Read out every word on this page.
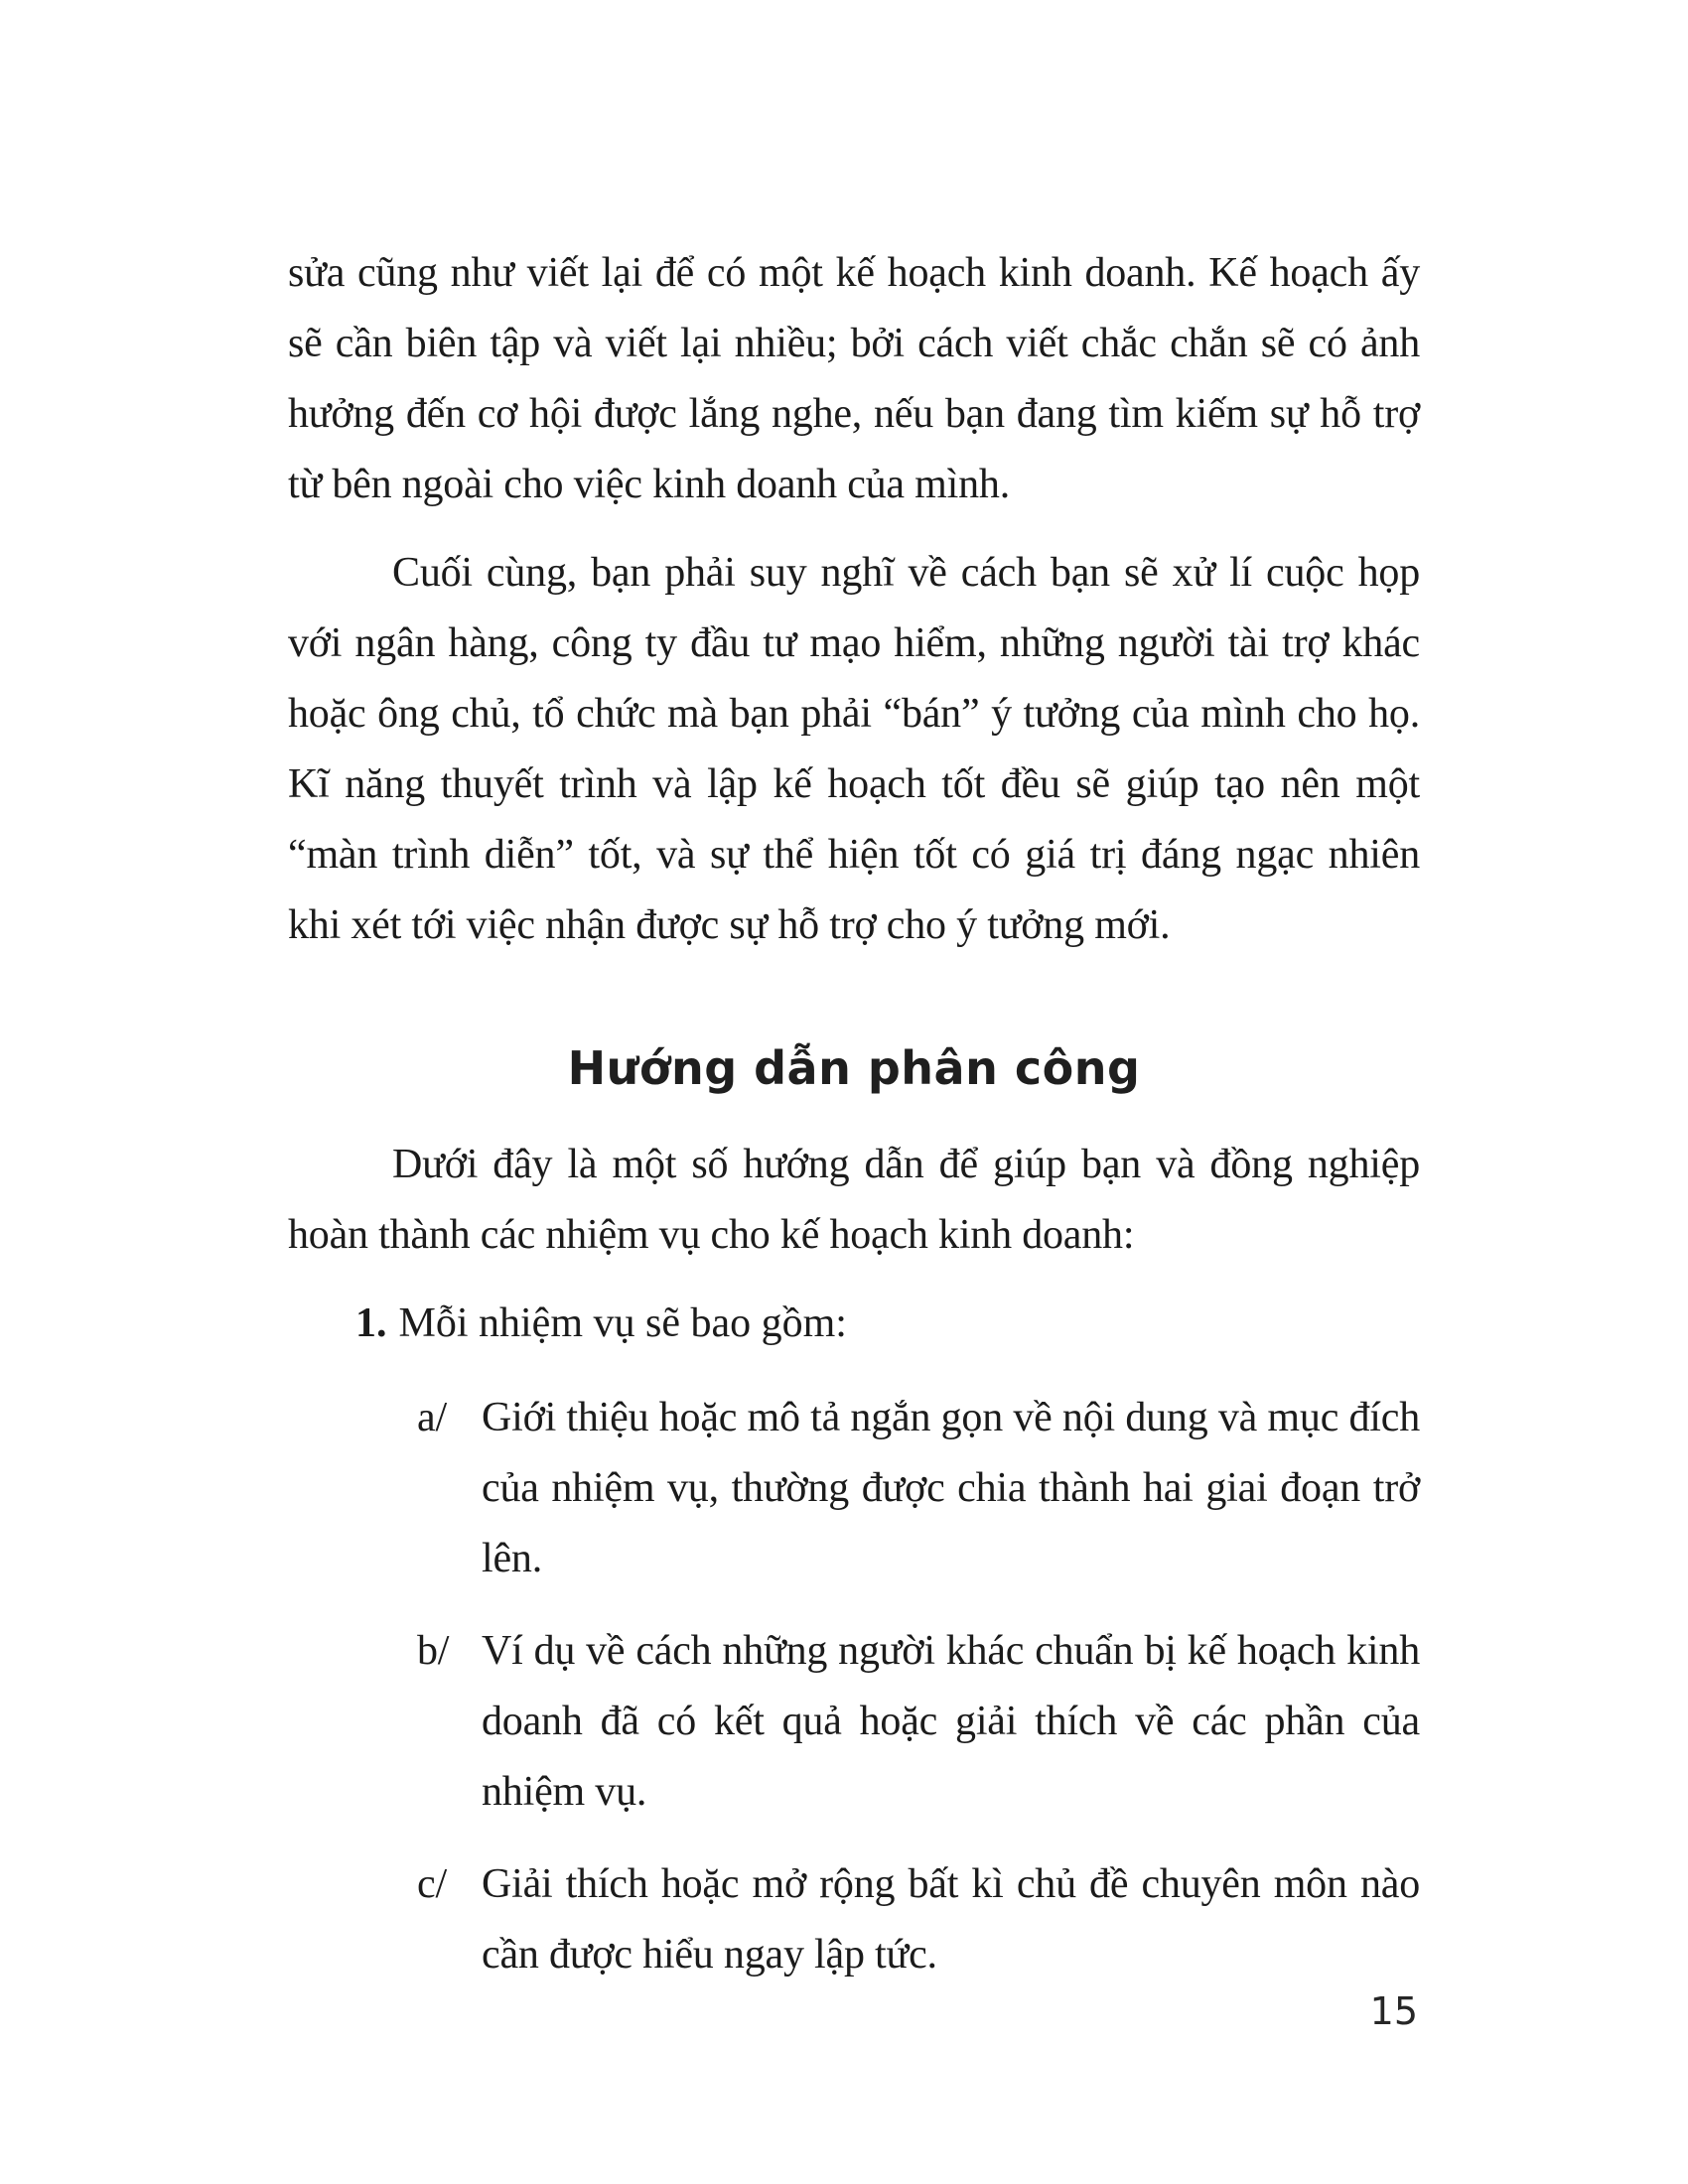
sửa cũng như viết lại để có một kế hoạch kinh doanh. Kế hoạch ấy sẽ cần biên tập và viết lại nhiều; bởi cách viết chắc chắn sẽ có ảnh hưởng đến cơ hội được lắng nghe, nếu bạn đang tìm kiếm sự hỗ trợ từ bên ngoài cho việc kinh doanh của mình.

Cuối cùng, bạn phải suy nghĩ về cách bạn sẽ xử lí cuộc họp với ngân hàng, công ty đầu tư mạo hiểm, những người tài trợ khác hoặc ông chủ, tổ chức mà bạn phải “bán” ý tưởng của mình cho họ. Kĩ năng thuyết trình và lập kế hoạch tốt đều sẽ giúp tạo nên một “màn trình diễn” tốt, và sự thể hiện tốt có giá trị đáng ngạc nhiên khi xét tới việc nhận được sự hỗ trợ cho ý tưởng mới.

Hướng dẫn phân công

Dưới đây là một số hướng dẫn để giúp bạn và đồng nghiệp hoàn thành các nhiệm vụ cho kế hoạch kinh doanh:

1. Mỗi nhiệm vụ sẽ bao gồm:
a/ Giới thiệu hoặc mô tả ngắn gọn về nội dung và mục đích của nhiệm vụ, thường được chia thành hai giai đoạn trở lên.
b/ Ví dụ về cách những người khác chuẩn bị kế hoạch kinh doanh đã có kết quả hoặc giải thích về các phần của nhiệm vụ.
c/ Giải thích hoặc mở rộng bất kì chủ đề chuyên môn nào cần được hiểu ngay lập tức.
15
